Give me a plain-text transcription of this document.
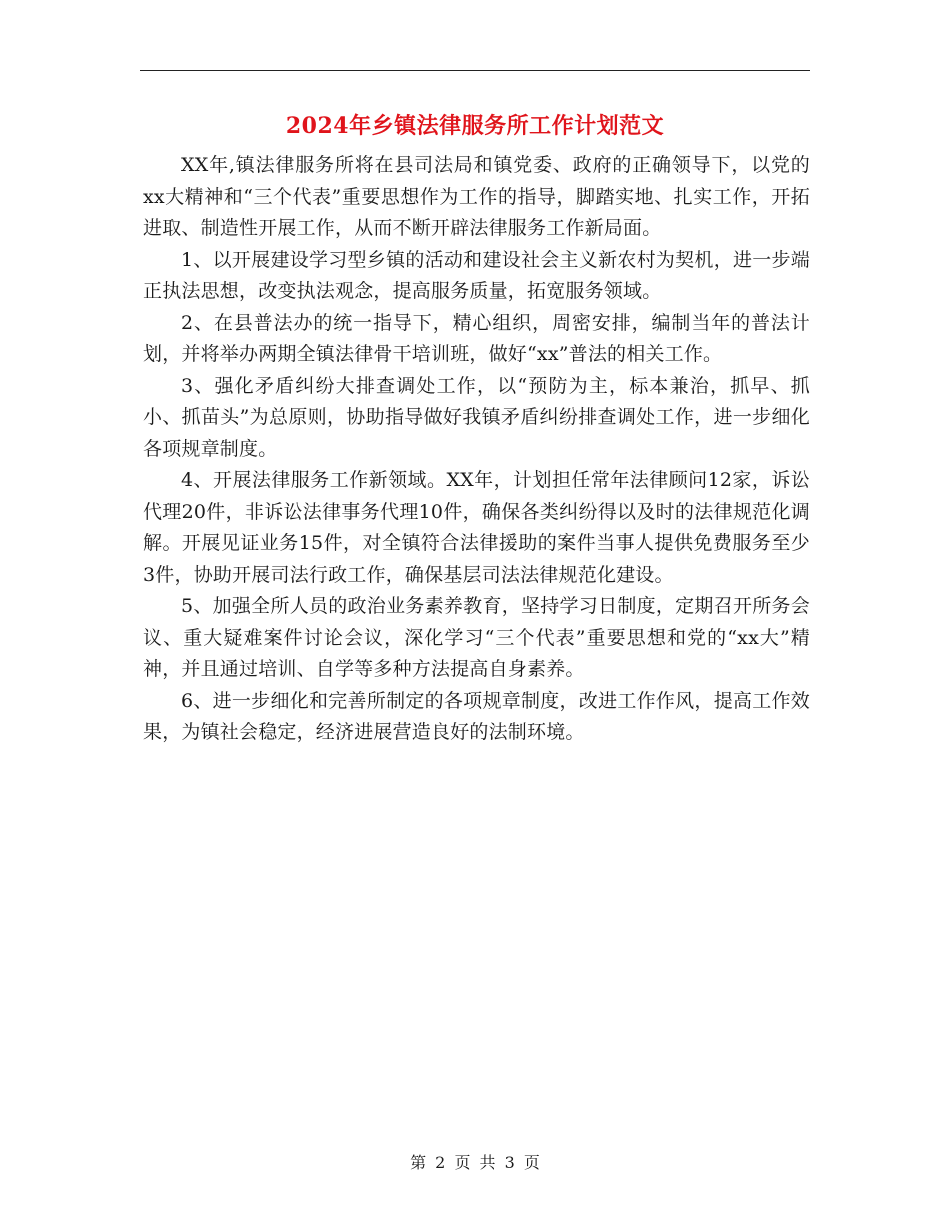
2024年乡镇法律服务所工作计划范文

XX年,镇法律服务所将在县司法局和镇党委、政府的正确领导下，以党的xx大精神和“三个代表”重要思想作为工作的指导，脚踏实地、扎实工作，开拓进取、制造性开展工作，从而不断开辟法律服务工作新局面。

1、以开展建设学习型乡镇的活动和建设社会主义新农村为契机，进一步端正执法思想，改变执法观念，提高服务质量，拓宽服务领域。

2、在县普法办的统一指导下，精心组织，周密安排，编制当年的普法计划，并将举办两期全镇法律骨干培训班，做好“xx”普法的相关工作。

3、强化矛盾纠纷大排查调处工作，以“预防为主，标本兼治，抓早、抓小、抓苗头”为总原则，协助指导做好我镇矛盾纠纷排查调处工作，进一步细化各项规章制度。

4、开展法律服务工作新领域。XX年，计划担任常年法律顾问12家，诉讼代理20件，非诉讼法律事务代理10件，确保各类纠纷得以及时的法律规范化调解。开展见证业务15件，对全镇符合法律援助的案件当事人提供免费服务至少3件，协助开展司法行政工作，确保基层司法法律规范化建设。

5、加强全所人员的政治业务素养教育，坚持学习日制度，定期召开所务会议、重大疑难案件讨论会议，深化学习“三个代表”重要思想和党的“xx大”精神，并且通过培训、自学等多种方法提高自身素养。

6、进一步细化和完善所制定的各项规章制度，改进工作作风，提高工作效果，为镇社会稳定，经济进展营造良好的法制环境。

第 2 页 共 3 页
